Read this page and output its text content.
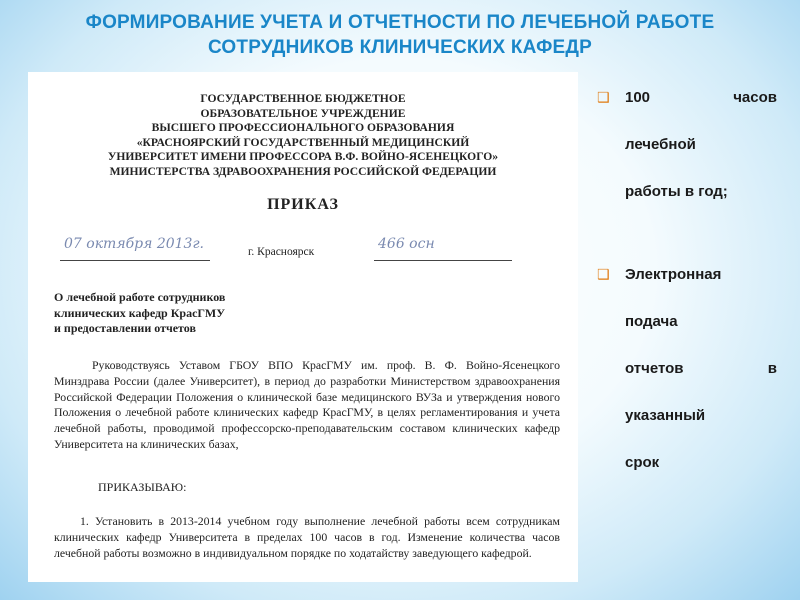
ФОРМИРОВАНИЕ УЧЕТА И ОТЧЕТНОСТИ ПО ЛЕЧЕБНОЙ РАБОТЕ
СОТРУДНИКОВ КЛИНИЧЕСКИХ КАФЕДР
ГОСУДАРСТВЕННОЕ БЮДЖЕТНОЕ
ОБРАЗОВАТЕЛЬНОЕ УЧРЕЖДЕНИЕ
ВЫСШЕГО ПРОФЕССИОНАЛЬНОГО ОБРАЗОВАНИЯ
«КРАСНОЯРСКИЙ ГОСУДАРСТВЕННЫЙ МЕДИЦИНСКИЙ
УНИВЕРСИТЕТ ИМЕНИ ПРОФЕССОРА В.Ф. ВОЙНО-ЯСЕНЕЦКОГО»
МИНИСТЕРСТВА ЗДРАВООХРАНЕНИЯ РОССИЙСКОЙ ФЕДЕРАЦИИ
ПРИКАЗ
07 октября 2013г.	г. Красноярск	466 осн
О лечебной работе сотрудников
клинических кафедр КрасГМУ
и предоставлении отчетов

Руководствуясь Уставом ГБОУ ВПО КрасГМУ им. проф. В. Ф. Войно-Ясенецкого Минздрава России (далее Университет), в период до разработки Министерством здравоохранения Российской Федерации Положения о клинической базе медицинского ВУЗа и утверждения нового Положения о лечебной работе клинических кафедр КрасГМУ, в целях регламентирования и учета лечебной работы, проводимой профессорско-преподавательским составом клинических кафедр Университета на клинических базах,

ПРИКАЗЫВАЮ:

1. Установить в 2013-2014 учебном году выполнение лечебной работы всем сотрудникам клинических кафедр Университета в пределах 100 часов в год. Изменение количества часов лечебной работы возможно в индивидуальном порядке по ходатайству заведующего кафедрой.

❑ 100	часов
лечебной
работы в год;
❑ Электронная
подача
отчетов	в
указанный
срок
